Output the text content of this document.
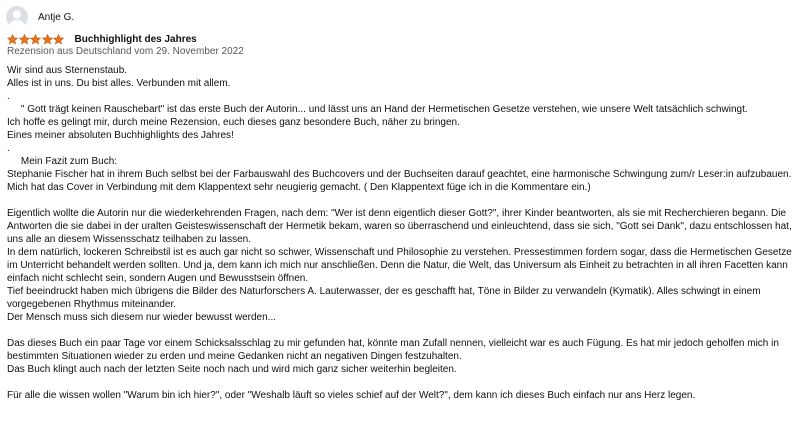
Antje G.
Buchhighlight des Jahres
Rezension aus Deutschland vom 29. November 2022
Wir sind aus Sternenstaub.
Alles ist in uns. Du bist alles. Verbunden mit allem.
.
" Gott trägt keinen Rauschebart" ist das erste Buch der Autorin... und lässt uns an Hand der Hermetischen Gesetze verstehen, wie unsere Welt tatsächlich schwingt.
Ich hoffe es gelingt mir, durch meine Rezension, euch dieses ganz besondere Buch, näher zu bringen.
Eines meiner absoluten Buchhighlights des Jahres!
.
Mein Fazit zum Buch:
Stephanie Fischer hat in ihrem Buch selbst bei der Farbauswahl des Buchcovers und der Buchseiten darauf geachtet, eine harmonische Schwingung zum/r Leser:in aufzubauen.
Mich hat das Cover in Verbindung mit dem Klappentext sehr neugierig gemacht. ( Den Klappentext füge ich in die Kommentare ein.)
Eigentlich wollte die Autorin nur die wiederkehrenden Fragen, nach dem: "Wer ist denn eigentlich dieser Gott?", ihrer Kinder beantworten, als sie mit Recherchieren begann. Die
Antworten die sie dabei in der uralten Geisteswissenschaft der Hermetik bekam, waren so überraschend und einleuchtend, dass sie sich, "Gott sei Dank", dazu entschlossen hat,
uns alle an diesem Wissensschatz teilhaben zu lassen.
In dem natürlich, lockeren Schreibstil ist es auch gar nicht so schwer, Wissenschaft und Philosophie zu verstehen. Pressestimmen fordern sogar, dass die Hermetischen Gesetze
im Unterricht behandelt werden sollten. Und ja, dem kann ich mich nur anschließen. Denn die Natur, die Welt, das Universum als Einheit zu betrachten in all ihren Facetten kann
einfach nicht schlecht sein, sondern Augen und Bewusstsein öffnen.
Tief beeindruckt haben mich übrigens die Bilder des Naturforschers A. Lauterwasser, der es geschafft hat, Töne in Bilder zu verwandeln (Kymatik). Alles schwingt in einem
vorgegebenen Rhythmus miteinander.
Der Mensch muss sich diesem nur wieder bewusst werden...
Das dieses Buch ein paar Tage vor einem Schicksalsschlag zu mir gefunden hat, könnte man Zufall nennen, vielleicht war es auch Fügung. Es hat mir jedoch geholfen mich in
bestimmten Situationen wieder zu erden und meine Gedanken nicht an negativen Dingen festzuhalten.
Das Buch klingt auch nach der letzten Seite noch nach und wird mich ganz sicher weiterhin begleiten.
Für alle die wissen wollen "Warum bin ich hier?", oder "Weshalb läuft so vieles schief auf der Welt?", dem kann ich dieses Buch einfach nur ans Herz legen.
